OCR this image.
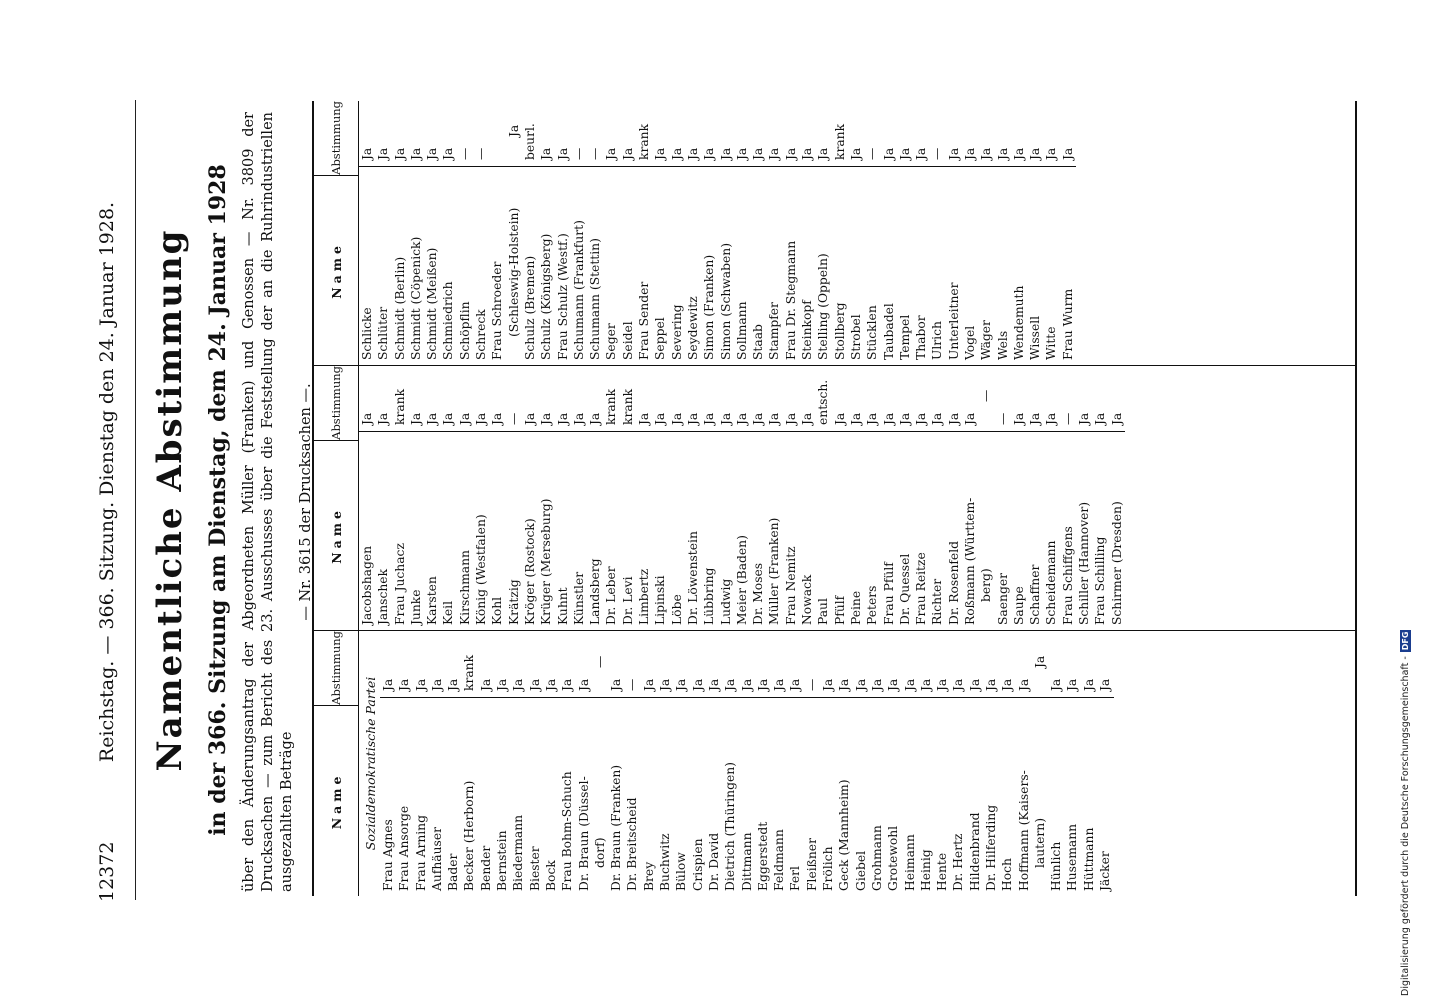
12372
Reichstag. — 366. Sitzung. Dienstag den 24. Januar 1928. Namentliche Abstimmung in der 366. Sitzung am Dienstag, dem 24. Januar 1928 über den Änderungsantrag der Abgeordneten Müller (Franken) und Genossen — Nr. 3809 der Drucksachen — zum Bericht des 23. Ausschusses über die Feststellung der an die Ruhrindustriellen ausgezahlten Beträge
— Nr. 3615 der Drucksachen —.
Name
Abstimmung
Sozialdemokratische Partei
Frau Agnes
Ja
Frau Ansorge
Ja
Frau Arning
Ja
Aufhäuser
Ja
Bader
Ja
Becker (Herborn)
krank
Bender
Ja
Bernstein
Ja
Biedermann
Ja
Biester
Ja
Bock
Ja
Frau Bohm-Schuch
Ja
Dr. Braun (Düssel-
Ja
dorf)
—
Dr. Braun (Franken)
Ja
Dr. Breitscheid
—
Brey
Ja
Buchwitz
Ja
Bülow
Ja
Crispien
Ja
Dr. David
Ja
Dietrich (Thüringen)
Ja
Dittmann
Ja
Eggerstedt
Ja
Feldmann
Ja
Ferl
Ja
Fleißner
—
Frölich
Ja
Geck (Mannheim)
Ja
Giebel
Ja
Grohmann
Ja
Grotewohl
Ja
Heimann
Ja
Heinig
Ja
Hente
Ja
Dr. Hertz
Ja
Hildenbrand
Ja
Dr. Hilferding
Ja
Hoch
Ja
Hoffmann (Kaisers-
Ja
lautern)
Ja
Hünlich
Ja
Husemann
Ja
Hüttmann
Ja
Jäcker
Ja
Name
Abstimmung
Jacobshagen
Ja
Janschek
Ja
Frau Juchacz
krank
Junke
Ja
Karsten
Ja
Keil
Ja
Kirschmann
Ja
König (Westfalen)
Ja
Kohl
Ja
Krätzig
—
Kröger (Rostock)
Ja
Krüger (Merseburg)
Ja
Kuhnt
Ja
Künstler
Ja
Landsberg
Ja
Dr. Leber
krank
Dr. Levi
krank
Limbertz
Ja
Lipinski
Ja
Löbe
Ja
Dr. Löwenstein
Ja
Lübbring
Ja
Ludwig
Ja
Meier (Baden)
Ja
Dr. Moses
Ja
Müller (Franken)
Ja
Frau Nemitz
Ja
Nowack
Ja
Paul
entsch.
Pfülf
Ja
Peine
Ja
Peters
Ja
Frau Pfülf
Ja
Dr. Quessel
Ja
Frau Reitze
Ja
Richter
Ja
Dr. Rosenfeld
Ja
Roßmann (Württem-
Ja
berg)
—
Saenger
—
Saupe
Ja
Schaffner
Ja
Scheidemann
Ja
Frau Schiffgens
—
Schiller (Hannover)
Ja
Frau Schilling
Ja
Schirmer (Dresden)
Ja
Name
Abstimmung
Schlicke
Ja
Schlüter
Ja
Schmidt (Berlin)
Ja
Schmidt (Cöpenick)
Ja
Schmidt (Meißen)
Ja
Schmiedrich
Ja
Schöpflin
—
Schreck
—
Frau Schroeder (Schleswig-Holstein)
Ja
Schulz (Bremen)
beurl.
Schulz (Königsberg)
Ja
Frau Schulz (Westf.)
Ja
Schumann (Frankfurt)
—
Schumann (Stettin)
—
Seger
Ja
Seidel
Ja
Frau Sender
krank
Seppel
Ja
Severing
Ja
Seydewitz
Ja
Simon (Franken)
Ja
Simon (Schwaben)
Ja
Sollmann
Ja
Staab
Ja
Stampfer
Ja
Frau Dr. Stegmann
Ja
Steinkopf
Ja
Stelling (Oppeln)
Ja
Stollberg
krank
Strobel
Ja
Stücklen
—
Taubadel
Ja
Tempel
Ja
Thabor
Ja
Ulrich
—
Unterleitner
Ja
Vogel
Ja
Wäger
Ja
Wels
Ja
Wendemuth
Ja
Wissell
Ja
Witte
Ja
Frau Wurm
Ja
Digitalisierung gefördert durch die Deutsche Forschungsgemeinschaft -
DFG
